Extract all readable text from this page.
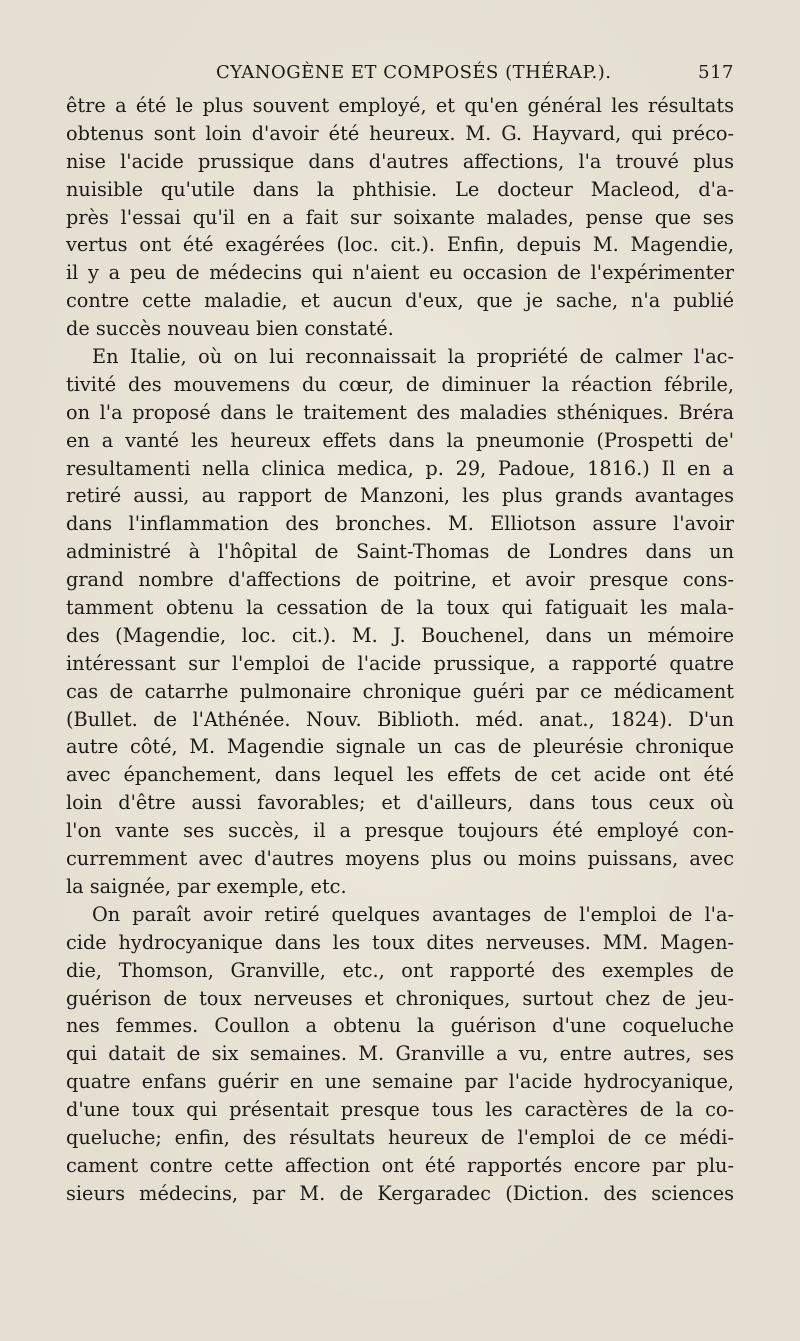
CYANOGÈNE ET COMPOSÉS (THÉRAP.).	517
être a été le plus souvent employé, et qu'en général les résultats
obtenus sont loin d'avoir été heureux. M. G. Hayvard, qui préco-
nise l'acide prussique dans d'autres affections, l'a trouvé plus
nuisible qu'utile dans la phthisie. Le docteur Macleod, d'a-
près l'essai qu'il en a fait sur soixante malades, pense que ses
vertus ont été exagérées (loc. cit.). Enfin, depuis M. Magendie,
il y a peu de médecins qui n'aient eu occasion de l'expérimenter
contre cette maladie, et aucun d'eux, que je sache, n'a publié
de succès nouveau bien constaté.
En Italie, où on lui reconnaissait la propriété de calmer l'ac-
tivité des mouvemens du cœur, de diminuer la réaction fébrile,
on l'a proposé dans le traitement des maladies sthéniques. Bréra
en a vanté les heureux effets dans la pneumonie (Prospetti de'
resultamenti nella clinica medica, p. 29, Padoue, 1816.) Il en a
retiré aussi, au rapport de Manzoni, les plus grands avantages
dans l'inflammation des bronches. M. Elliotson assure l'avoir
administré à l'hôpital de Saint-Thomas de Londres dans un
grand nombre d'affections de poitrine, et avoir presque cons-
tamment obtenu la cessation de la toux qui fatiguait les mala-
des (Magendie, loc. cit.). M. J. Bouchenel, dans un mémoire
intéressant sur l'emploi de l'acide prussique, a rapporté quatre
cas de catarrhe pulmonaire chronique guéri par ce médicament
(Bullet. de l'Athénée. Nouv. Biblioth. méd. anat., 1824). D'un
autre côté, M. Magendie signale un cas de pleurésie chronique
avec épanchement, dans lequel les effets de cet acide ont été
loin d'être aussi favorables; et d'ailleurs, dans tous ceux où
l'on vante ses succès, il a presque toujours été employé con-
curremment avec d'autres moyens plus ou moins puissans, avec
la saignée, par exemple, etc.
On paraît avoir retiré quelques avantages de l'emploi de l'a-
cide hydrocyanique dans les toux dites nerveuses. MM. Magen-
die, Thomson, Granville, etc., ont rapporté des exemples de
guérison de toux nerveuses et chroniques, surtout chez de jeu-
nes femmes. Coullon a obtenu la guérison d'une coqueluche
qui datait de six semaines. M. Granville a vu, entre autres, ses
quatre enfans guérir en une semaine par l'acide hydrocyanique,
d'une toux qui présentait presque tous les caractères de la co-
queluche; enfin, des résultats heureux de l'emploi de ce médi-
cament contre cette affection ont été rapportés encore par plu-
sieurs médecins, par M. de Kergaradec (Diction. des sciences
